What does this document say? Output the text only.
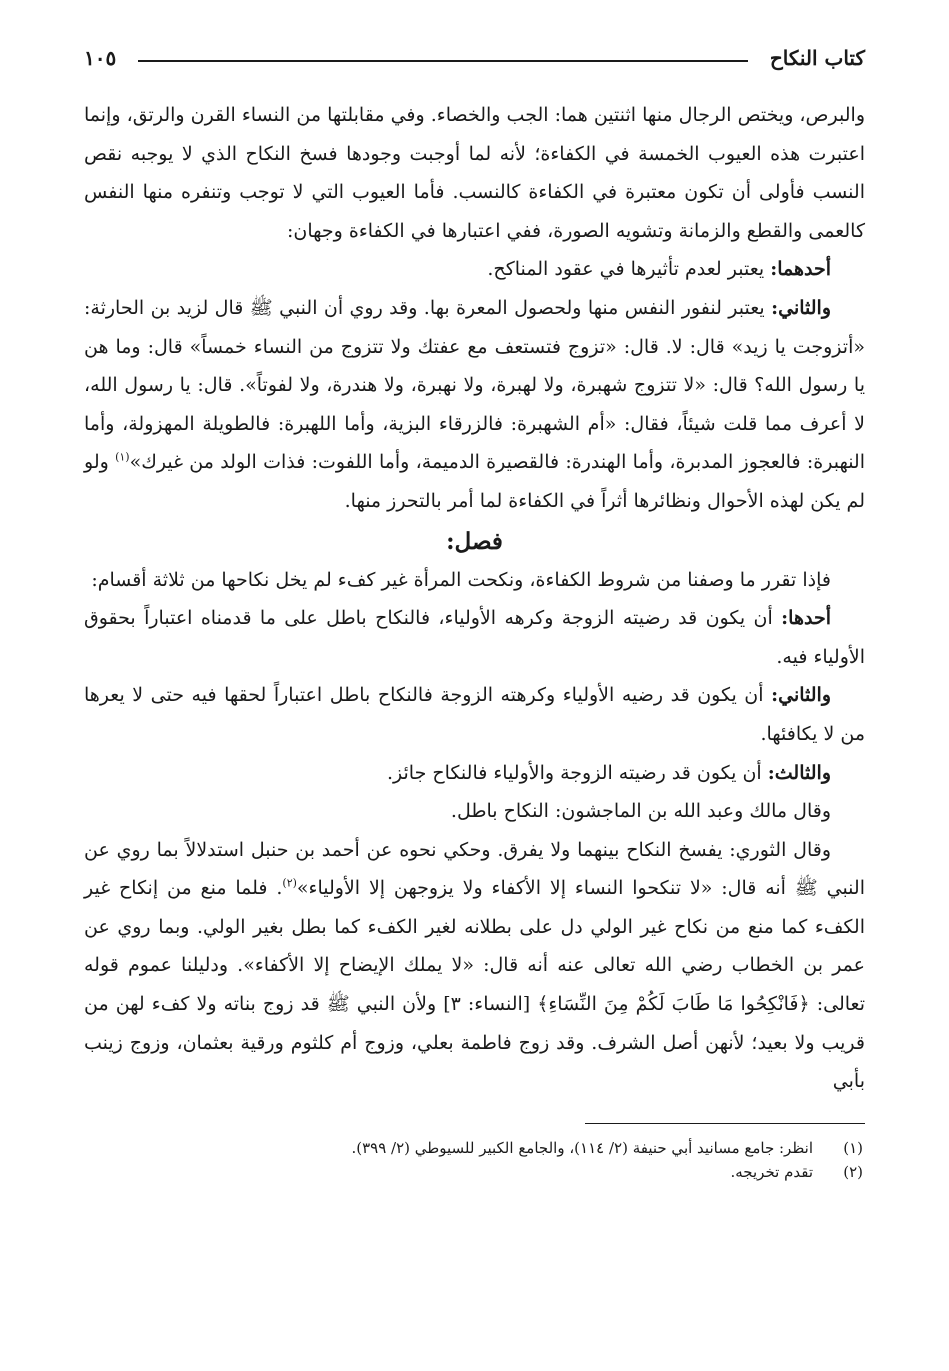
كتاب النكاح
١٠٥

والبرص، ويختص الرجال منها اثنتين هما: الجب والخصاء. وفي مقابلتها من النساء القرن والرتق، وإنما اعتبرت هذه العيوب الخمسة في الكفاءة؛ لأنه لما أوجبت وجودها فسخ النكاح الذي لا يوجبه نقص النسب فأولى أن تكون معتبرة في الكفاءة كالنسب. فأما العيوب التي لا توجب وتنفره منها النفس كالعمى والقطع والزمانة وتشويه الصورة، ففي اعتبارها في الكفاءة وجهان:

أحدهما: يعتبر لعدم تأثيرها في عقود المناكح.

والثاني: يعتبر لنفور النفس منها ولحصول المعرة بها. وقد روي أن النبي ﷺ قال لزيد بن الحارثة: «أتزوجت يا زيد» قال: لا. قال: «تزوج فتستعف مع عفتك ولا تتزوج من النساء خمساً» قال: وما هن يا رسول الله؟ قال: «لا تتزوج شهبرة، ولا لهبرة، ولا نهبرة، ولا هندرة، ولا لفوتاً». قال: يا رسول الله، لا أعرف مما قلت شيئاً، فقال: «أم الشهبرة: فالزرقاء البزية، وأما اللهبرة: فالطويلة المهزولة، وأما النهبرة: فالعجوز المدبرة، وأما الهندرة: فالقصيرة الدميمة، وأما اللفوت: فذات الولد من غيرك»$^{(١)}$ ولو لم يكن لهذه الأحوال ونظائرها أثراً في الكفاءة لما أمر بالتحرز منها.

فصل:

فإذا تقرر ما وصفنا من شروط الكفاءة، ونكحت المرأة غير كفء لم يخل نكاحها من ثلاثة أقسام:

أحدها: أن يكون قد رضيته الزوجة وكرهه الأولياء، فالنكاح باطل على ما قدمناه اعتباراً بحقوق الأولياء فيه.

والثاني: أن يكون قد رضيه الأولياء وكرهته الزوجة فالنكاح باطل اعتباراً لحقها فيه حتى لا يعرها من لا يكافئها.

والثالث: أن يكون قد رضيته الزوجة والأولياء فالنكاح جائز.

وقال مالك وعبد الله بن الماجشون: النكاح باطل.

وقال الثوري: يفسخ النكاح بينهما ولا يفرق. وحكي نحوه عن أحمد بن حنبل استدلالاً بما روي عن النبي ﷺ أنه قال: «لا تنكحوا النساء إلا الأكفاء ولا يزوجهن إلا الأولياء»$^{(٢)}$. فلما منع من إنكاح غير الكفء كما منع من نكاح غير الولي دل على بطلانه لغير الكفء كما بطل بغير الولي. وبما روي عن عمر بن الخطاب رضي الله تعالى عنه أنه قال: «لا يملك الإيضاح إلا الأكفاء». ودليلنا عموم قوله تعالى: ﴿فَانْكِحُوا مَا طَابَ لَكُمْ مِنَ النِّسَاءِ﴾ [النساء: ٣] ولأن النبي ﷺ قد زوج بناته ولا كفء لهن من قريب ولا بعيد؛ لأنهن أصل الشرف. وقد زوج فاطمة بعلي، وزوج أم كلثوم ورقية بعثمان، وزوج زينب بأبي

(١)
انظر: جامع مسانيد أبي حنيفة (٢/ ١١٤)، والجامع الكبير للسيوطي (٢/ ٣٩٩).
(٢)
تقدم تخريجه.
